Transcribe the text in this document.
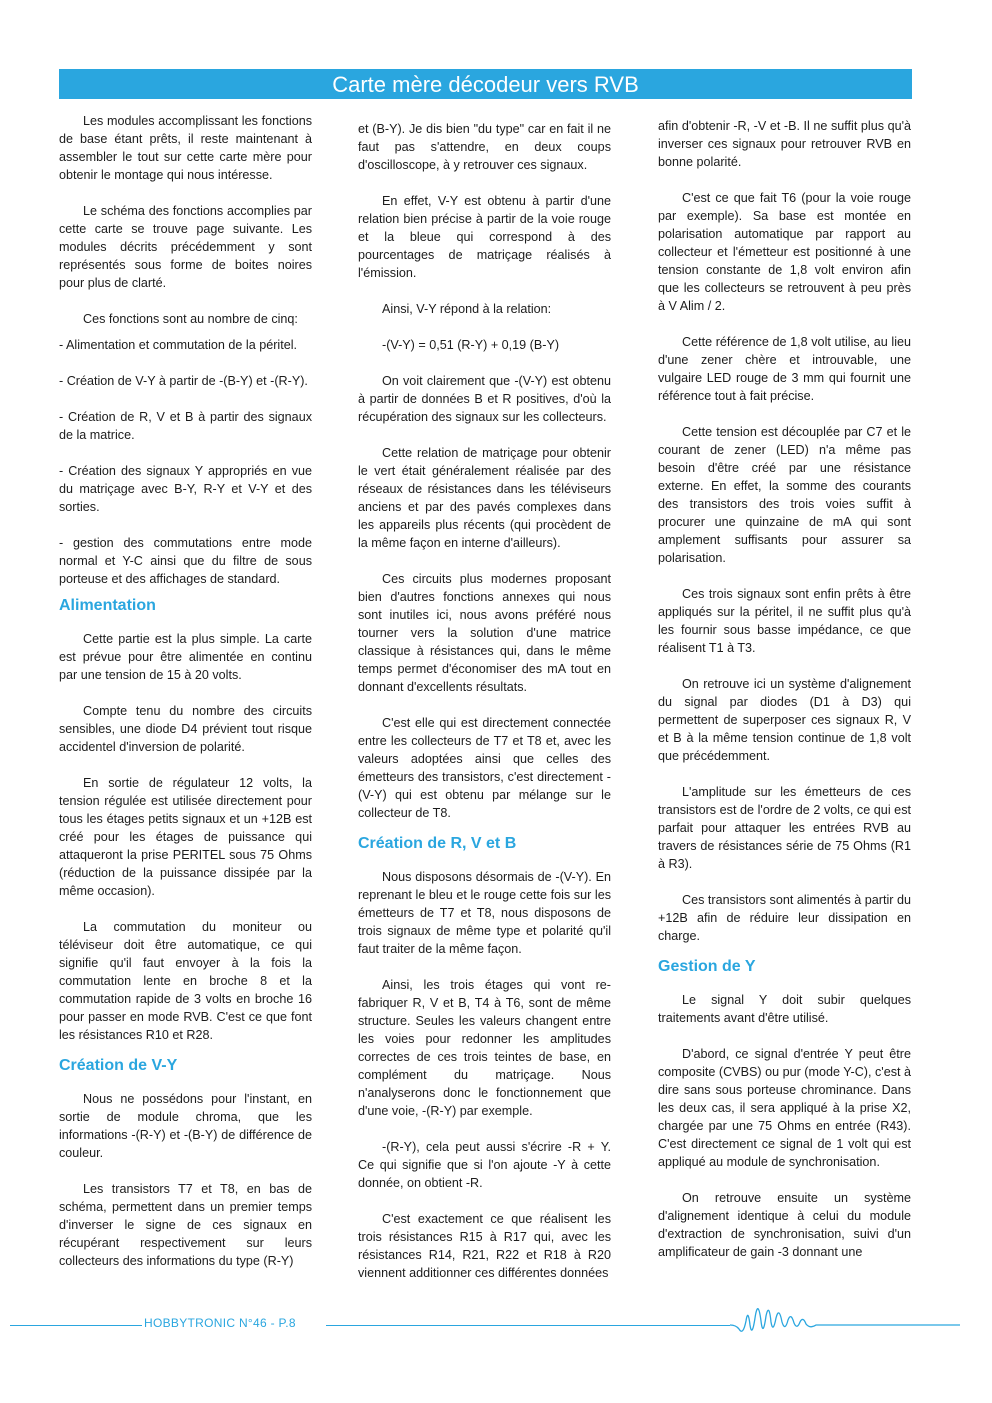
Carte mère décodeur vers RVB

Les modules accomplissant les fonctions de base étant prêts, il reste maintenant à assembler le tout sur cette carte mère pour obtenir le montage qui nous intéresse.

Le schéma des fonctions accomplies par cette carte se trouve page suivante. Les modules décrits précédemment y sont représentés sous forme de boites noires pour plus de clarté.

Ces fonctions sont au nombre de cinq:

- Alimentation et commutation de la péritel.

- Création de V-Y à partir de -(B-Y) et -(R-Y).

- Création de R, V et B à partir des signaux de la matrice.

- Création des signaux Y appropriés en vue du matriçage avec B-Y, R-Y et V-Y et des sorties.

- gestion des commutations entre mode normal et Y-C ainsi que du filtre de sous porteuse et des affichages de standard.

Alimentation

Cette partie est la plus simple. La carte est prévue pour être alimentée en continu par une tension de 15 à 20 volts.

Compte tenu du nombre des circuits sensibles, une diode D4 prévient tout risque accidentel d'inversion de polarité.

En sortie de régulateur 12 volts, la tension régulée est utilisée directement pour tous les étages petits signaux et un +12B est créé pour les étages de puissance qui attaqueront la prise PERITEL sous 75 Ohms (réduction de la puissance dissipée par la même occasion).

La commutation du moniteur ou téléviseur doit être automatique, ce qui signifie qu'il faut envoyer à la fois la commutation lente en broche 8 et la commutation rapide de 3 volts en broche 16 pour passer en mode RVB. C'est ce que font les résistances R10 et R28.

Création de V-Y

Nous ne possédons pour l'instant, en sortie de module chroma, que les informations -(R-Y) et -(B-Y) de différence de couleur.

Les transistors T7 et T8, en bas de schéma, permettent dans un premier temps d'inverser le signe de ces signaux en récupérant respectivement sur leurs collecteurs des informations du type (R-Y)

et (B-Y). Je dis bien "du type" car en fait il ne faut pas s'attendre, en deux coups d'oscilloscope, à y retrouver ces signaux.

En effet, V-Y est obtenu à partir d'une relation bien précise à partir de la voie rouge et la bleue qui correspond à des pourcentages de matriçage réalisés à l'émission.

Ainsi, V-Y répond à la relation:

-(V-Y) = 0,51 (R-Y) + 0,19 (B-Y)

On voit clairement que -(V-Y) est obtenu à partir de données B et R positives, d'où la récupération des signaux sur les collecteurs.

Cette relation de matriçage pour obtenir le vert était généralement réalisée par des réseaux de résistances dans les téléviseurs anciens et par des pavés complexes dans les appareils plus récents (qui procèdent de la même façon en interne d'ailleurs).

Ces circuits plus modernes proposant bien d'autres fonctions annexes qui nous sont inutiles ici, nous avons préféré nous tourner vers la solution d'une matrice classique à résistances qui, dans le même temps permet d'économiser des mA tout en donnant d'excellents résultats.

C'est elle qui est directement connectée entre les collecteurs de T7 et T8 et, avec les valeurs adoptées ainsi que celles des émetteurs des transistors, c'est directement -(V-Y) qui est obtenu par mélange sur le collecteur de T8.

Création de R, V et B

Nous disposons désormais de -(V-Y). En reprenant le bleu et le rouge cette fois sur les émetteurs de T7 et T8, nous disposons de trois signaux de même type et polarité qu'il faut traiter de la même façon.

Ainsi, les trois étages qui vont re-fabriquer R, V et B, T4 à T6, sont de même structure. Seules les valeurs changent entre les voies pour redonner les amplitudes correctes de ces trois teintes de base, en complément du matriçage. Nous n'analyserons donc le fonctionnement que d'une voie, -(R-Y) par exemple.

-(R-Y), cela peut aussi s'écrire -R + Y. Ce qui signifie que si l'on ajoute -Y à cette donnée, on obtient -R.

C'est exactement ce que réalisent les trois résistances R15 à R17 qui, avec les résistances R14, R21, R22 et R18 à R20 viennent additionner ces différentes données

afin d'obtenir -R, -V et -B. Il ne suffit plus qu'à inverser ces signaux pour retrouver RVB en bonne polarité.

C'est ce que fait T6 (pour la voie rouge par exemple). Sa base est montée en polarisation automatique par rapport au collecteur et l'émetteur est positionné à une tension constante de 1,8 volt environ afin que les collecteurs se retrouvent à peu près à V Alim / 2.

Cette référence de 1,8 volt utilise, au lieu d'une zener chère et introuvable, une vulgaire LED rouge de 3 mm qui fournit une référence tout à fait précise.

Cette tension est découplée par C7 et le courant de zener (LED) n'a même pas besoin d'être créé par une résistance externe. En effet, la somme des courants des transistors des trois voies suffit à procurer une quinzaine de mA qui sont amplement suffisants pour assurer sa polarisation.

Ces trois signaux sont enfin prêts à être appliqués sur la péritel, il ne suffit plus qu'à les fournir sous basse impédance, ce que réalisent T1 à T3.

On retrouve ici un système d'alignement du signal par diodes (D1 à D3) qui permettent de superposer ces signaux R, V et B à la même tension continue de 1,8 volt que précédemment.

L'amplitude sur les émetteurs de ces transistors est de l'ordre de 2 volts, ce qui est parfait pour attaquer les entrées RVB au travers de résistances série de 75 Ohms (R1 à R3).

Ces transistors sont alimentés à partir du +12B afin de réduire leur dissipation en charge.

Gestion de Y

Le signal Y doit subir quelques traitements avant d'être utilisé.

D'abord, ce signal d'entrée Y peut être composite (CVBS) ou pur (mode Y-C), c'est à dire sans sous porteuse chrominance. Dans les deux cas, il sera appliqué à la prise X2, chargée par une 75 Ohms en entrée (R43). C'est directement ce signal de 1 volt qui est appliqué au module de synchronisation.

On retrouve ensuite un système d'alignement identique à celui du module d'extraction de synchronisation, suivi d'un amplificateur de gain -3 donnant une

HOBBYTRONIC N°46 - P.8
